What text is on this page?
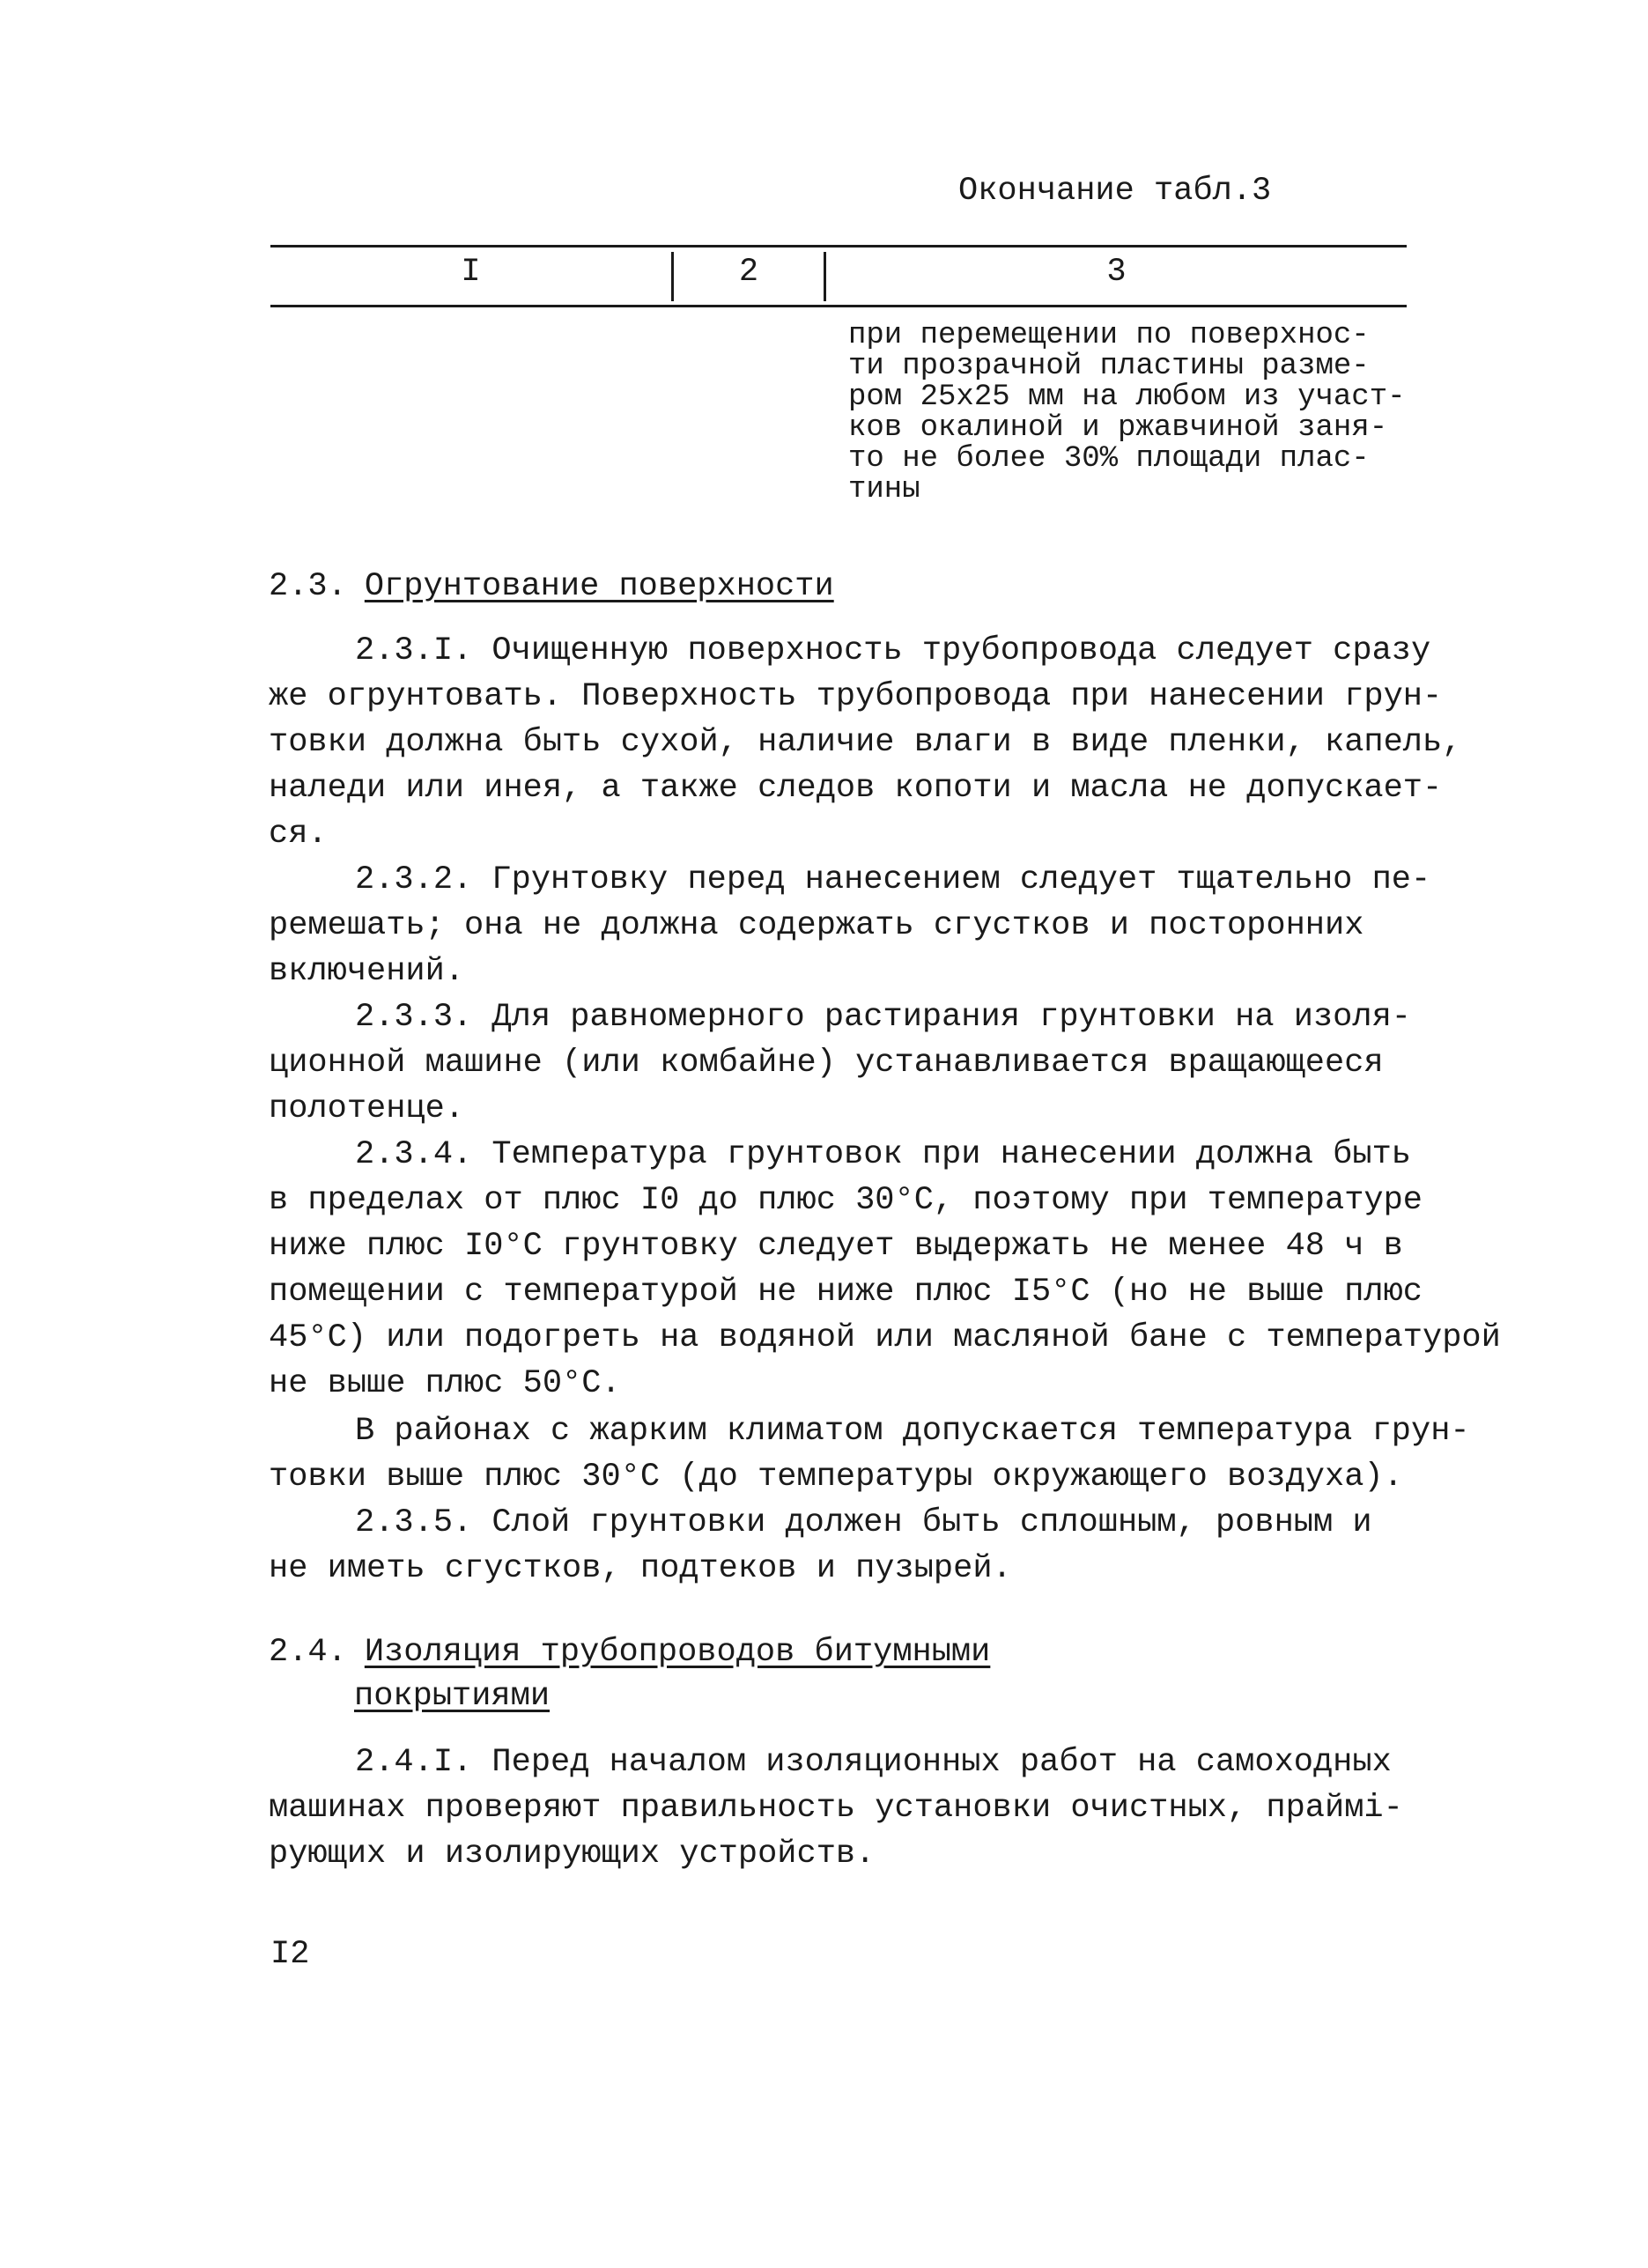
Окончание табл.3
I	2	3
при перемещении по поверхнос-
ти прозрачной пластины разме-
ром 25x25 мм на любом из участ-
ков окалиной и ржавчиной заня-
то не более 30% площади плас-
тины
2.3. Огрунтование поверхности
2.3.I. Очищенную поверхность трубопровода следует сразу
же огрунтовать. Поверхность трубопровода при нанесении грун-
товки должна быть сухой, наличие влаги в виде пленки, капель,
наледи или инея, а также следов копоти и масла не допускает-
ся.
2.3.2. Грунтовку перед нанесением следует тщательно пе-
ремешать; она не должна содержать сгустков и посторонних
включений.
2.3.3. Для равномерного растирания грунтовки на изоля-
ционной машине (или комбайне) устанавливается вращающееся
полотенце.
2.3.4. Температура грунтовок при нанесении должна быть
в пределах от плюс I0 до плюс 30°С, поэтому при температуре
ниже плюс I0°С грунтовку следует выдержать не менее 48 ч в
помещении с температурой не ниже плюс I5°С (но не выше плюс
45°С) или подогреть на водяной или масляной бане с температурой
не выше плюс 50°С.
В районах с жарким климатом допускается температура грун-
товки выше плюс 30°С (до температуры окружающего воздуха).
2.3.5. Слой грунтовки должен быть сплошным, ровным и
не иметь сгустков, подтеков и пузырей.
2.4. Изоляция трубопроводов битумными
покрытиями
2.4.I. Перед началом изоляционных работ на самоходных
машинах проверяют правильность установки очистных, праймі-
рующих и изолирующих устройств.
I2
